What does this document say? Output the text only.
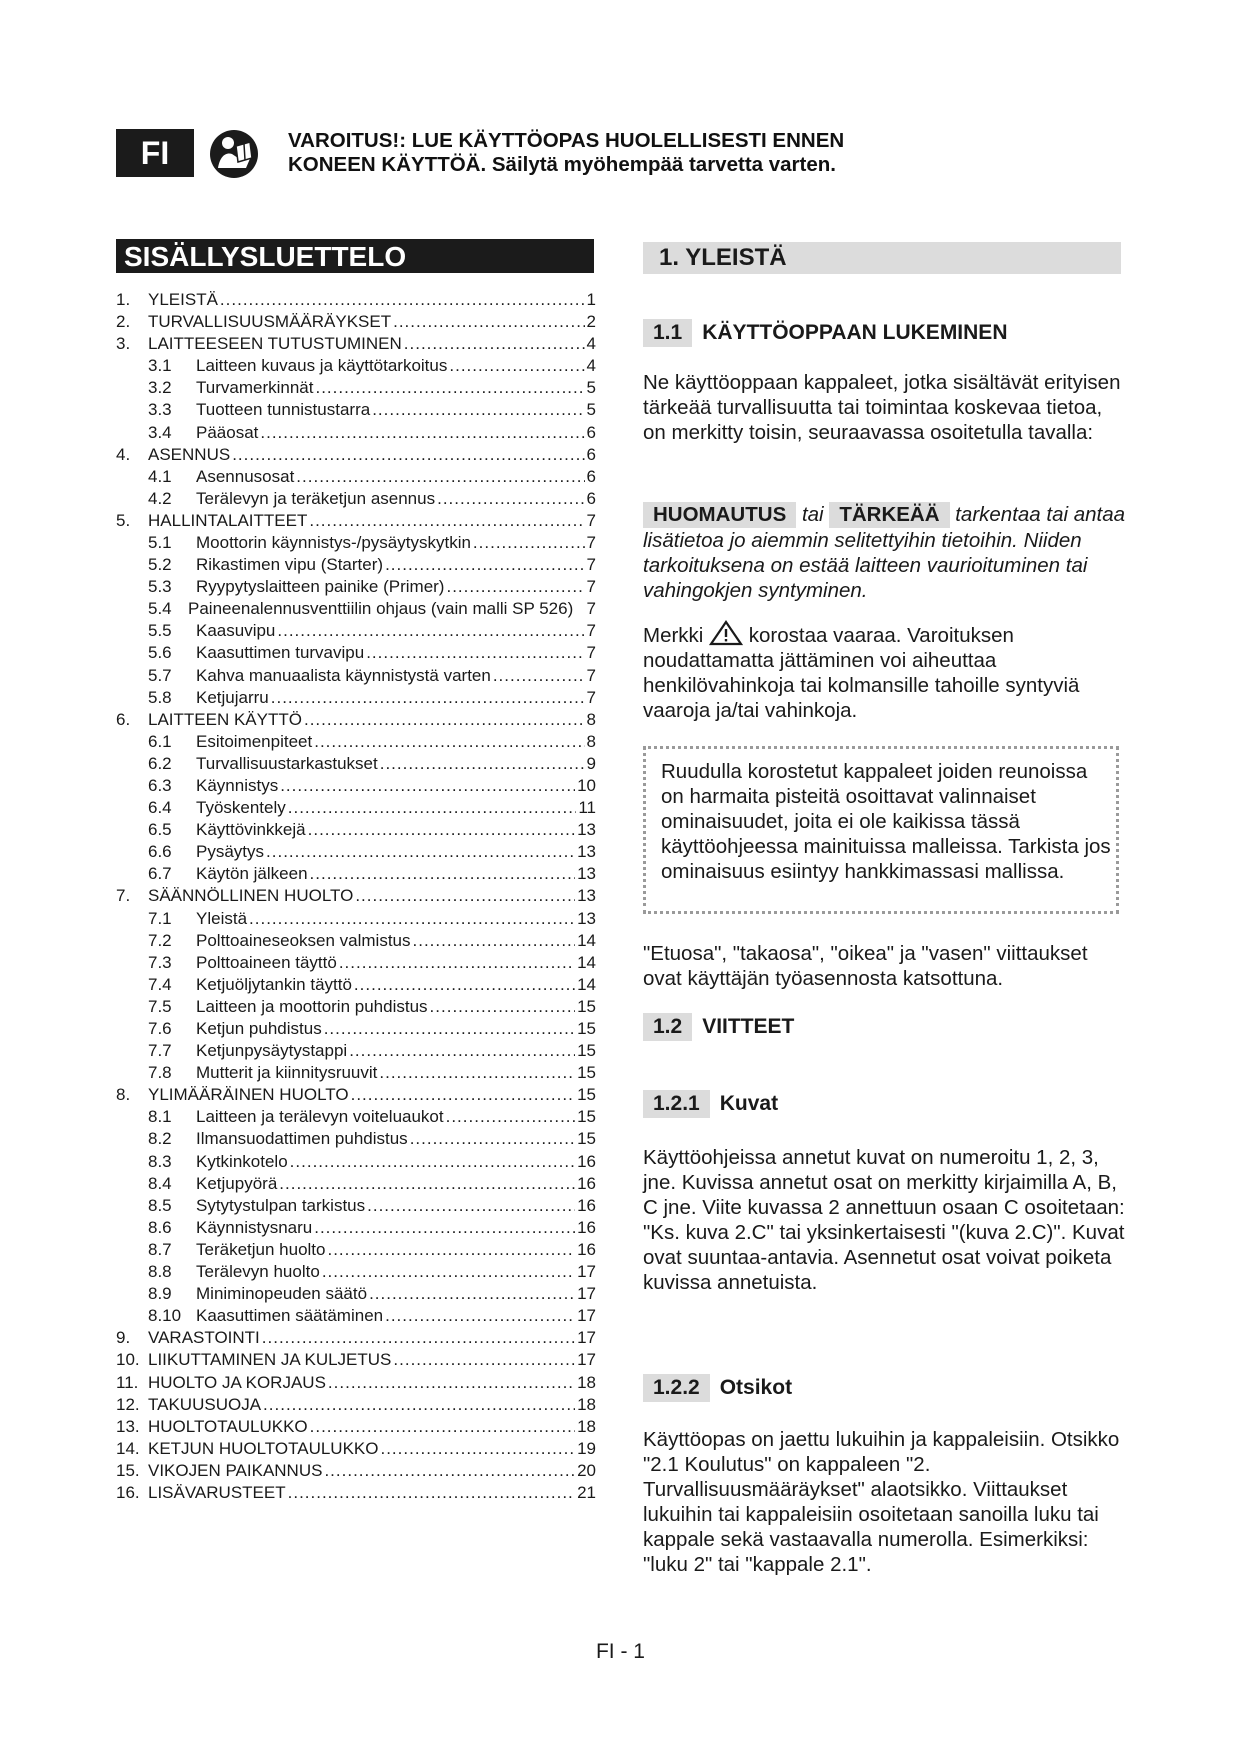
FI	VAROITUS!: LUE KÄYTTÖOPAS HUOLELLISESTI ENNEN
KONEEN KÄYTTÖÄ. Säilytä myöhempää tarvetta varten.
SISÄLLYSLUETTELO
1.	YLEISTÄ .....	1
2.	TURVALLISUUSMÄÄRÄYKSET .....	2
3.	LAITTEESEEN TUTUSTUMINEN .....	4
3.1	Laitteen kuvaus ja käyttötarkoitus .....	4
3.2	Turvamerkinnät .....	5
3.3	Tuotteen tunnistustarra .....	5
3.4	Pääosat .....	6
4.	ASENNUS .....	6
4.1	Asennusosat .....	6
4.2	Terälevyn ja teräketjun asennus .....	6
5.	HALLINTALAITTEET .....	7
5.1	Moottorin käynnistys-/pysäytyskytkin .....	7
5.2	Rikastimen vipu (Starter) .....	7
5.3	Ryypytyslaitteen painike (Primer) .....	7
5.4 Paineenalennusventtiilin ohjaus (vain malli SP 526) 7
5.5	Kaasuvipu .....	7
5.6	Kaasuttimen turvavipu .....	7
5.7	Kahva manuaalista käynnistystä varten .....	7
5.8	Ketjujarru .....	7
6.	LAITTEEN KÄYTTÖ .....	8
6.1	Esitoimenpiteet .....	8
6.2	Turvallisuustarkastukset .....	9
6.3	Käynnistys .....	10
6.4	Työskentely .....	11
6.5	Käyttövinkkejä .....	13
6.6	Pysäytys .....	13
6.7	Käytön jälkeen .....	13
7.	SÄÄNNÖLLINEN HUOLTO .....	13
7.1	Yleistä .....	13
7.2	Polttoaineseoksen valmistus .....	14
7.3	Polttoaineen täyttö .....	14
7.4	Ketjuöljytankin täyttö .....	14
7.5	Laitteen ja moottorin puhdistus .....	15
7.6	Ketjun puhdistus .....	15
7.7	Ketjunpysäytystappi .....	15
7.8	Mutterit ja kiinnitysruuvit .....	15
8.	YLIMÄÄRÄINEN HUOLTO .....	15
8.1	Laitteen ja terälevyn voiteluaukot .....	15
8.2	Ilmansuodattimen puhdistus .....	15
8.3	Kytkinkotelo .....	16
8.4	Ketjupyörä .....	16
8.5	Sytytystulpan tarkistus .....	16
8.6	Käynnistysnaru .....	16
8.7	Teräketjun huolto .....	16
8.8	Terälevyn huolto .....	17
8.9	Miniminopeuden säätö .....	17
8.10 Kaasuttimen säätäminen .....	17
9.	VARASTOINTI .....	17
10. LIIKUTTAMINEN JA KULJETUS .....	17
11. HUOLTO JA KORJAUS .....	18
12. TAKUUSUOJA .....	18
13. HUOLTOTAULUKKO .....	18
14. KETJUN HUOLTOTAULUKKO .....	19
15. VIKOJEN PAIKANNUS .....	20
16. LISÄVARUSTEET .....	21
1. YLEISTÄ
1.1 KÄYTTÖOPPAAN LUKEMINEN
Ne käyttöoppaan kappaleet, jotka sisältävät erityisen tärkeää turvallisuutta tai toimintaa koskevaa tietoa, on merkitty toisin, seuraavassa osoitetulla tavalla:
HUOMAUTUS tai TÄRKEÄÄ tarkentaa tai antaa lisätietoa jo aiemmin selitettyihin tietoihin. Niiden tarkoituksena on estää laitteen vaurioituminen tai vahingokjen syntyminen.
Merkki korostaa vaaraa. Varoituksen noudattamatta jättäminen voi aiheuttaa henkilövahinkoja tai kolmansille tahoille syntyviä vaaroja ja/tai vahinkoja.
Ruudulla korostetut kappaleet joiden reunoissa on harmaita pisteitä osoittavat valinnaiset ominaisuudet, joita ei ole kaikissa tässä käyttöohjeessa mainituissa malleissa. Tarkista jos ominaisuus esiintyy hankkimassasi mallissa.
"Etuosa", "takaosa", "oikea" ja "vasen" viittaukset ovat käyttäjän työasennosta katsottuna.
1.2 VIITTEET
1.2.1 Kuvat
Käyttöohjeissa annetut kuvat on numeroitu 1, 2, 3, jne. Kuvissa annetut osat on merkitty kirjaimilla A, B, C jne. Viite kuvassa 2 annettuun osaan C osoitetaan: "Ks. kuva 2.C" tai yksinkertaisesti "(kuva 2.C)". Kuvat ovat suuntaa-antavia. Asennetut osat voivat poiketa kuvissa annetuista.
1.2.2 Otsikot
Käyttöopas on jaettu lukuihin ja kappaleisiin. Otsikko "2.1 Koulutus" on kappaleen "2. Turvallisuusmääräykset" alaotsikko. Viittaukset lukuihin tai kappaleisiin osoitetaan sanoilla luku tai kappale sekä vastaavalla numerolla. Esimerkiksi: "luku 2" tai "kappale 2.1".
FI - 1
